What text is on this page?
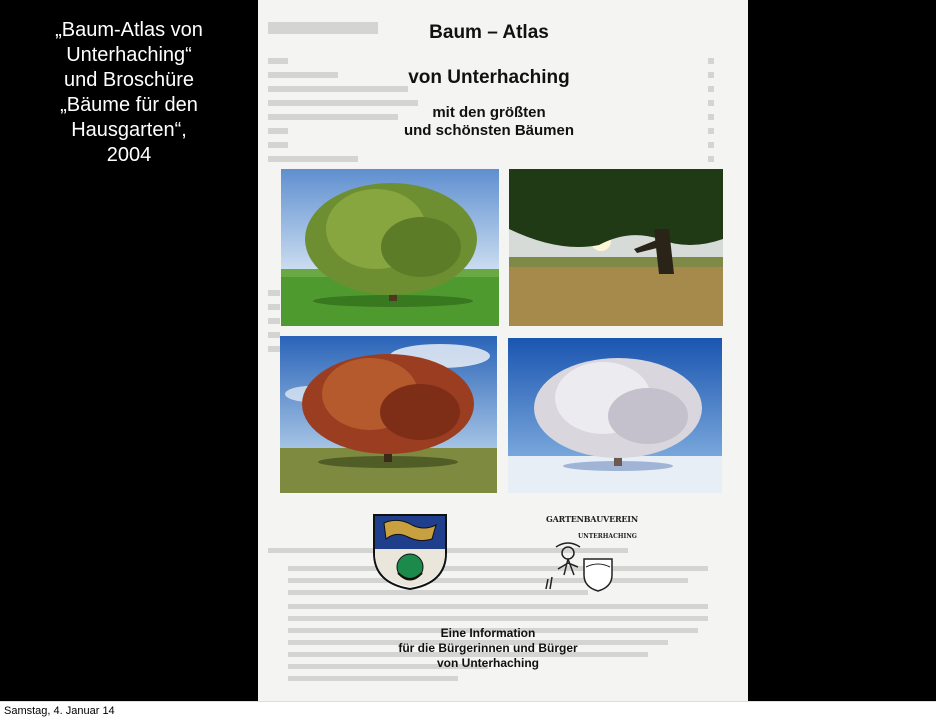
„Baum-Atlas von
Unterhaching“
und Broschüre
„Bäume für den
Hausgarten“,
2004
Baum – Atlas
von Unterhaching
mit den größten
und schönsten Bäumen
GARTENBAUVEREIN
UNTERHACHING
Eine Information
für die Bürgerinnen und Bürger
von Unterhaching
Samstag, 4. Januar 14
